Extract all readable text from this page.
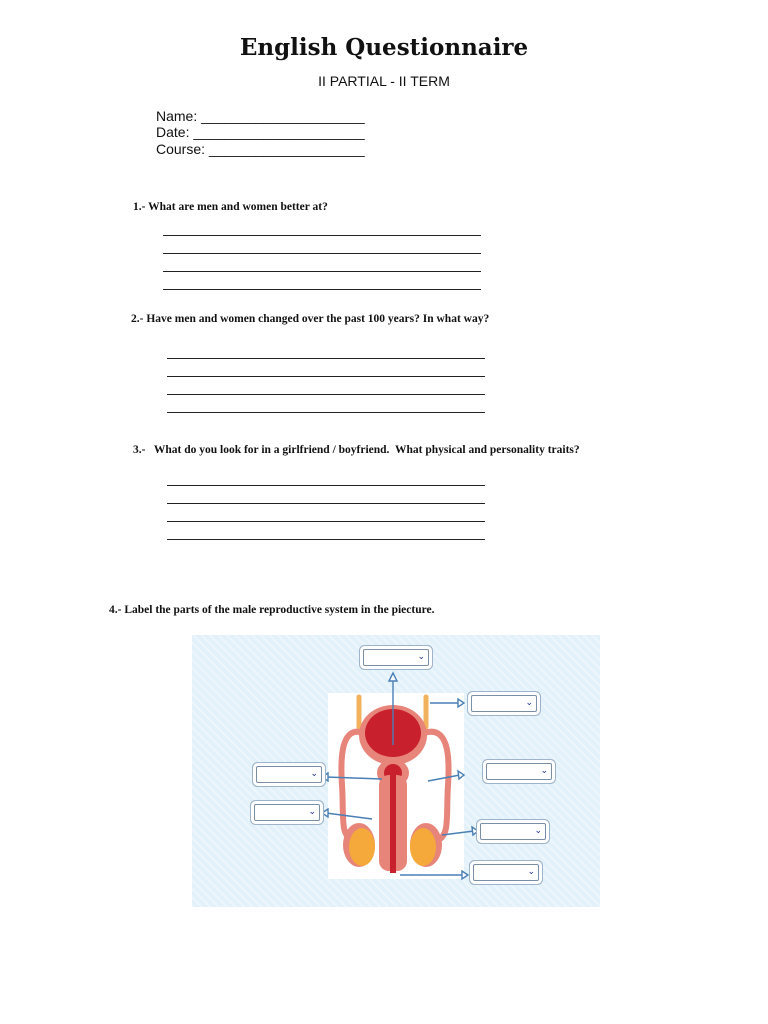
English Questionnaire
II PARTIAL - II TERM
Name: _____________________
Date: ______________________
Course: ____________________
1.- What are men and women better at?
2.- Have men and women changed over the past 100 years? In what way?
3.-   What do you look for in a girlfriend / boyfriend.  What physical and personality traits?
4.- Label the parts of the male reproductive system in the piecture.
⌄
⌄
⌄
⌄
⌄
⌄
⌄
